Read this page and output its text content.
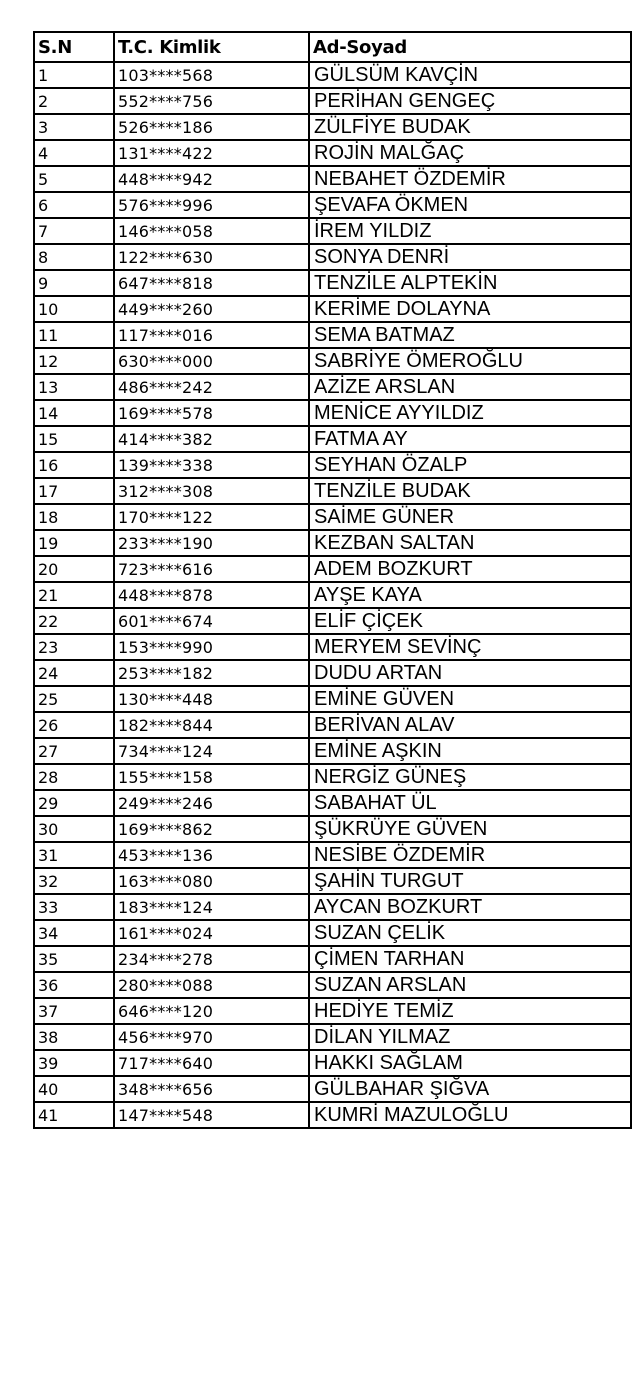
S.N	T.C. Kimlik	Ad-Soyad
1	103****568	GÜLSÜM KAVÇİN
2	552****756	PERİHAN GENGEÇ
3	526****186	ZÜLFİYE BUDAK
4	131****422	ROJİN MALĞAÇ
5	448****942	NEBAHET ÖZDEMİR
6	576****996	ŞEVAFA ÖKMEN
7	146****058	İREM YILDIZ
8	122****630	SONYA DENRİ
9	647****818	TENZİLE ALPTEKİN
10	449****260	KERİME DOLAYNA
11	117****016	SEMA BATMAZ
12	630****000	SABRİYE ÖMEROĞLU
13	486****242	AZİZE ARSLAN
14	169****578	MENİCE AYYILDIZ
15	414****382	FATMA AY
16	139****338	SEYHAN ÖZALP
17	312****308	TENZİLE BUDAK
18	170****122	SAİME GÜNER
19	233****190	KEZBAN SALTAN
20	723****616	ADEM BOZKURT
21	448****878	AYŞE KAYA
22	601****674	ELİF ÇİÇEK
23	153****990	MERYEM SEVİNÇ
24	253****182	DUDU ARTAN
25	130****448	EMİNE GÜVEN
26	182****844	BERİVAN ALAV
27	734****124	EMİNE AŞKIN
28	155****158	NERGİZ GÜNEŞ
29	249****246	SABAHAT ÜL
30	169****862	ŞÜKRÜYE GÜVEN
31	453****136	NESİBE ÖZDEMİR
32	163****080	ŞAHİN TURGUT
33	183****124	AYCAN BOZKURT
34	161****024	SUZAN ÇELİK
35	234****278	ÇİMEN TARHAN
36	280****088	SUZAN ARSLAN
37	646****120	HEDİYE TEMİZ
38	456****970	DİLAN YILMAZ
39	717****640	HAKKI SAĞLAM
40	348****656	GÜLBAHAR ŞIĞVA
41	147****548	KUMRİ MAZULOĞLU
